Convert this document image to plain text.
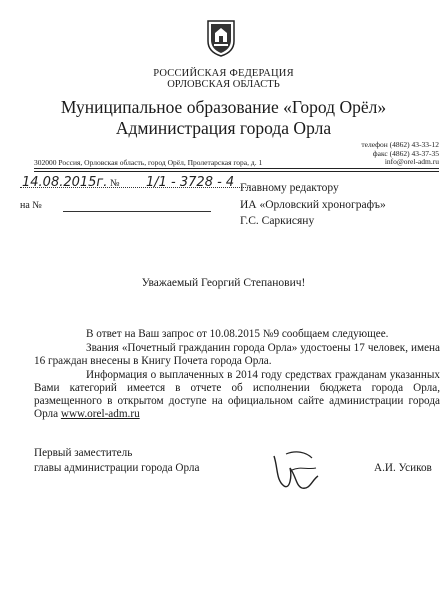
РОССИЙСКАЯ ФЕДЕРАЦИЯ
ОРЛОВСКАЯ ОБЛАСТЬ
Муниципальное образование «Город Орёл»
Администрация города Орла
телефон (4862) 43-33-12
факс (4862) 43-37-35
info@orel-adm.ru
302000 Россия, Орловская область, город Орёл, Пролетарская гора, д. 1
14.08.2015г. № 1/1 - 3728 - 4
на №
Главному редактору
ИА «Орловский хронографъ»
Г.С. Саркисяну
Уважаемый Георгий Степанович!
В ответ на Ваш запрос от 10.08.2015 №9 сообщаем следующее.
Звания «Почетный гражданин города Орла» удостоены 17 человек, имена 16 граждан внесены в Книгу Почета города Орла.
Информация о выплаченных в 2014 году средствах гражданам указанных Вами категорий имеется в отчете об исполнении бюджета города Орла, размещенного в открытом доступе на официальном сайте администрации города Орла www.orel-adm.ru
Первый заместитель
главы администрации города Орла	А.И. Усиков
